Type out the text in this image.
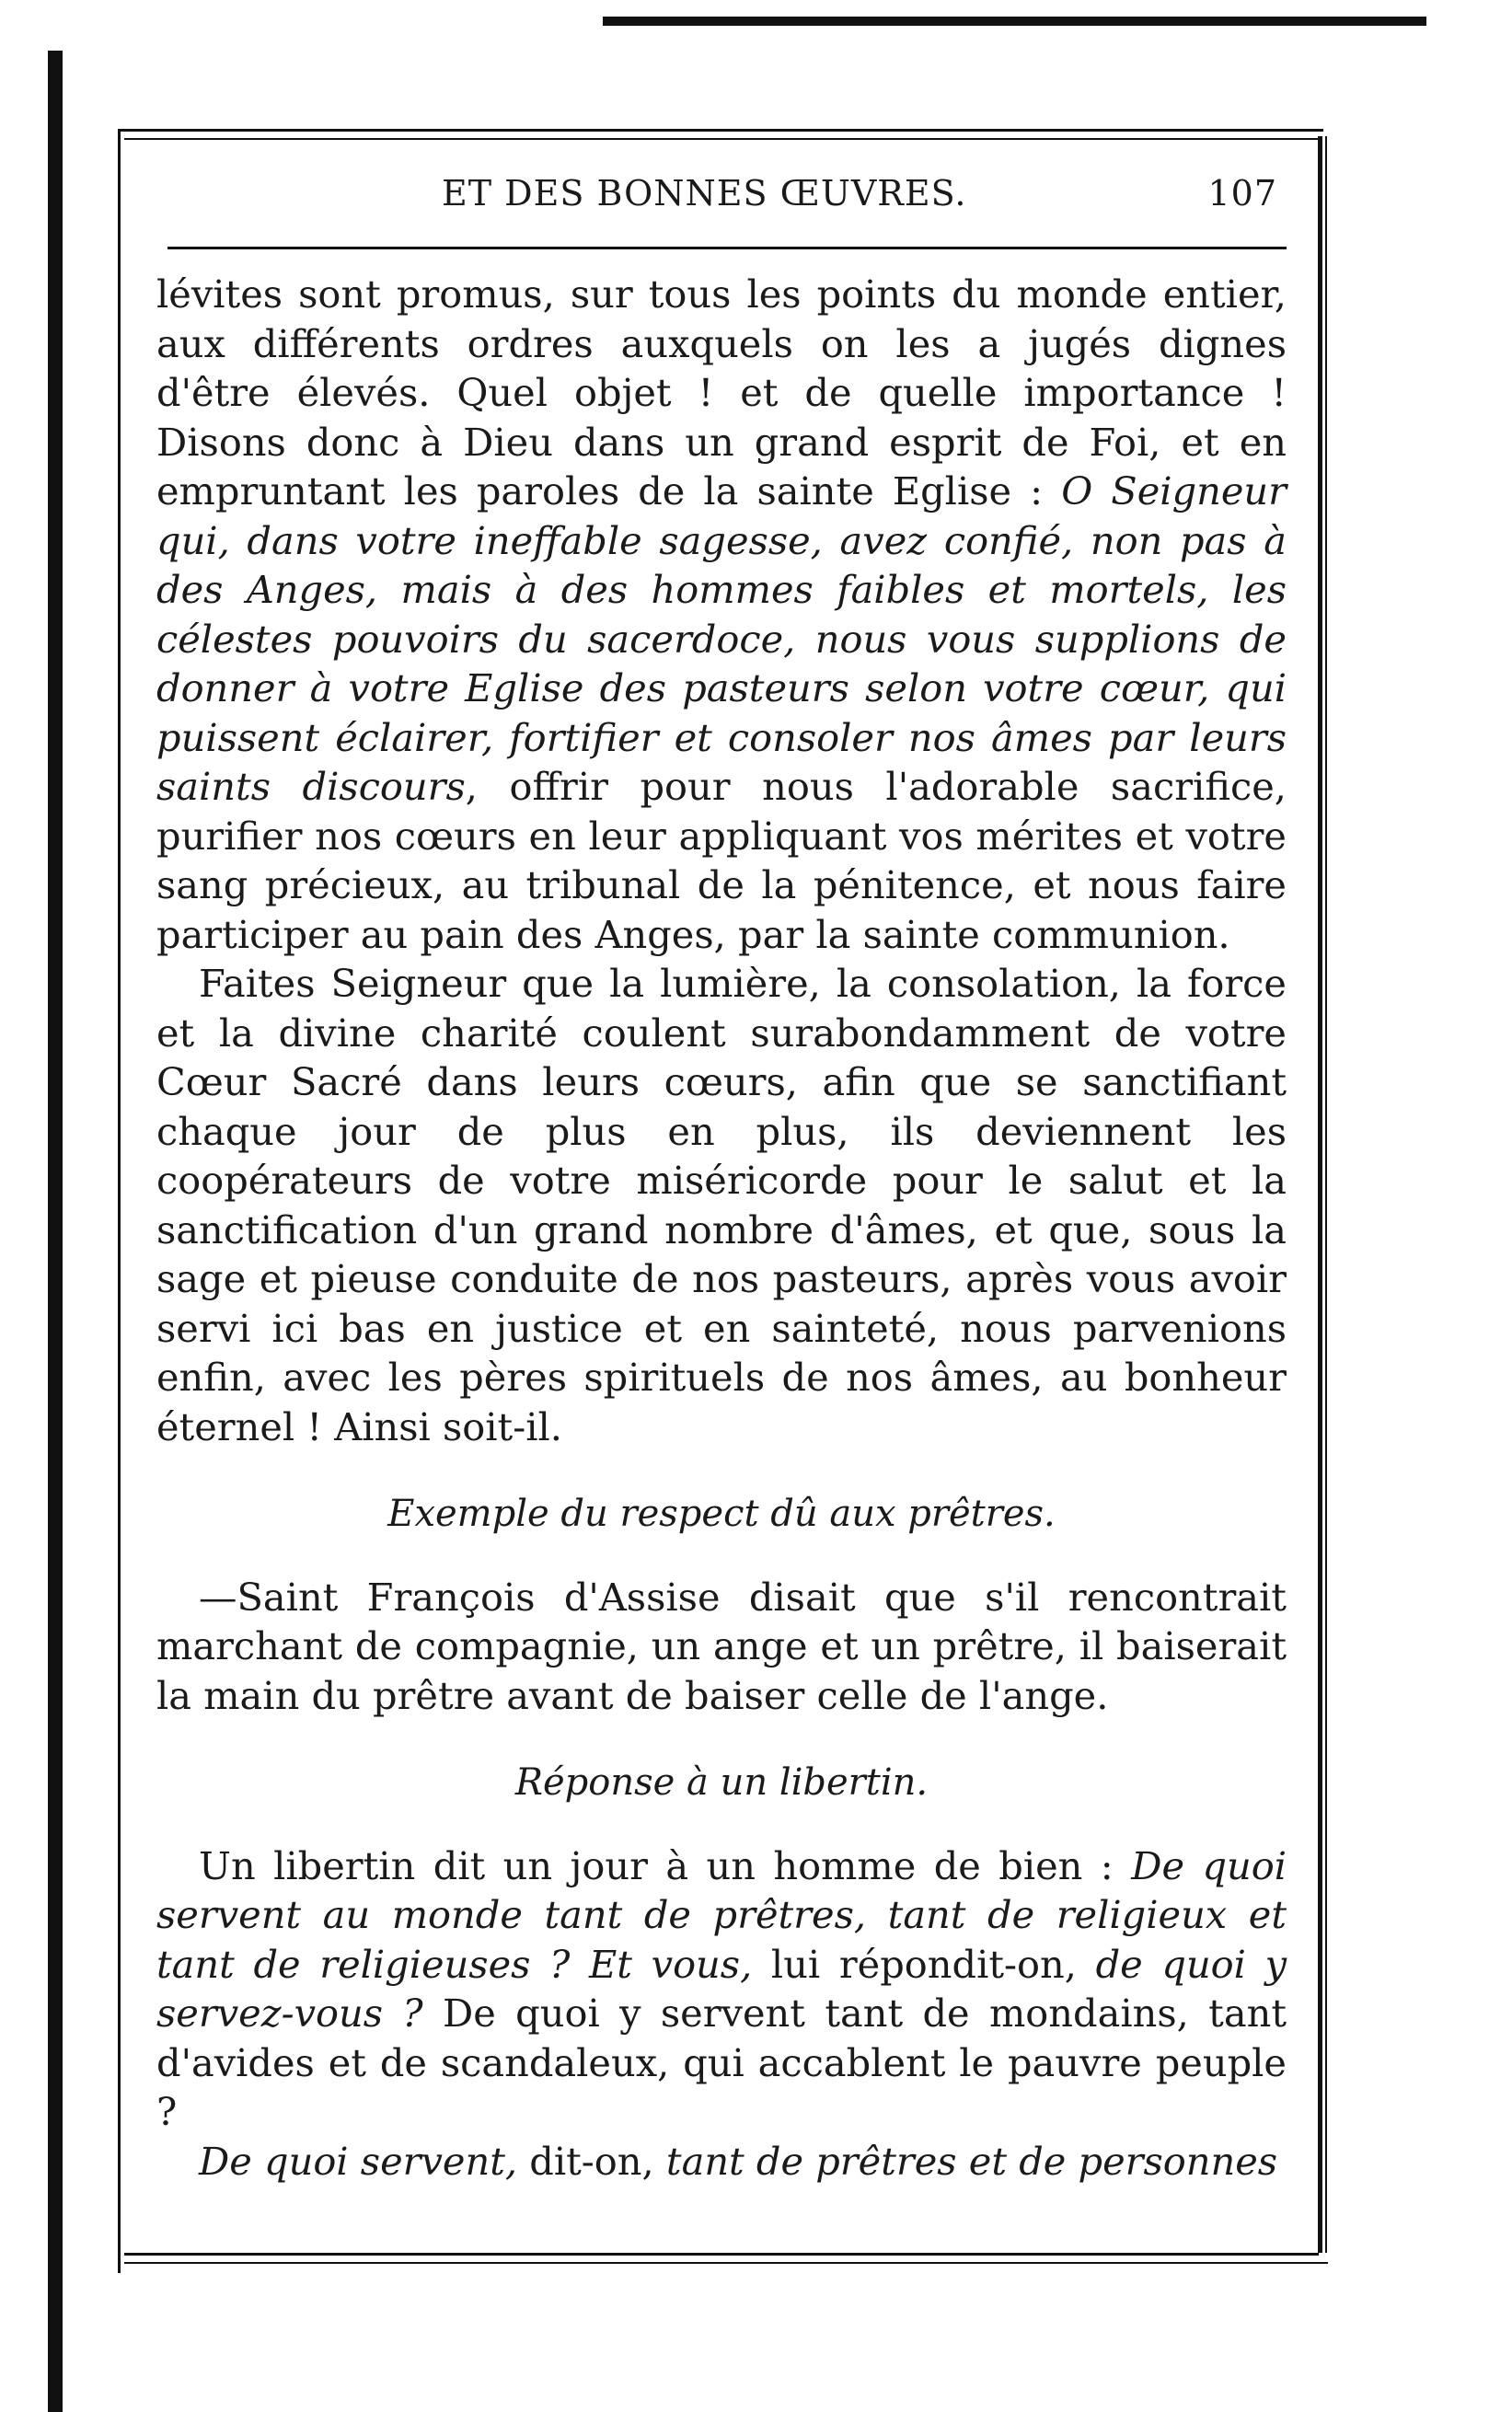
ET DES BONNES ŒUVRES.	107

lévites sont promus, sur tous les points du monde entier, aux différents ordres auxquels on les a jugés dignes d'être élevés. Quel objet ! et de quelle importance ! Disons donc à Dieu dans un grand esprit de Foi, et en empruntant les paroles de la sainte Eglise : O Seigneur qui, dans votre ineffable sagesse, avez confié, non pas à des Anges, mais à des hommes faibles et mortels, les célestes pouvoirs du sacerdoce, nous vous supplions de donner à votre Eglise des pasteurs selon votre cœur, qui puissent éclairer, fortifier et consoler nos âmes par leurs saints discours, offrir pour nous l'adorable sacrifice, purifier nos cœurs en leur appliquant vos mérites et votre sang précieux, au tribunal de la pénitence, et nous faire participer au pain des Anges, par la sainte communion.

Faites Seigneur que la lumière, la consolation, la force et la divine charité coulent surabondamment de votre Cœur Sacré dans leurs cœurs, afin que se sanctifiant chaque jour de plus en plus, ils deviennent les coopérateurs de votre miséricorde pour le salut et la sanctification d'un grand nombre d'âmes, et que, sous la sage et pieuse conduite de nos pasteurs, après vous avoir servi ici bas en justice et en sainteté, nous parvenions enfin, avec les pères spirituels de nos âmes, au bonheur éternel ! Ainsi soit-il.

Exemple du respect dû aux prêtres.

—Saint François d'Assise disait que s'il rencontrait marchant de compagnie, un ange et un prêtre, il baiserait la main du prêtre avant de baiser celle de l'ange.

Réponse à un libertin.

Un libertin dit un jour à un homme de bien : De quoi servent au monde tant de prêtres, tant de religieux et tant de religieuses ? Et vous, lui répondit-on, de quoi y servez-vous ? De quoi y servent tant de mondains, tant d'avides et de scandaleux, qui accablent le pauvre peuple ?

De quoi servent, dit-on, tant de prêtres et de personnes
